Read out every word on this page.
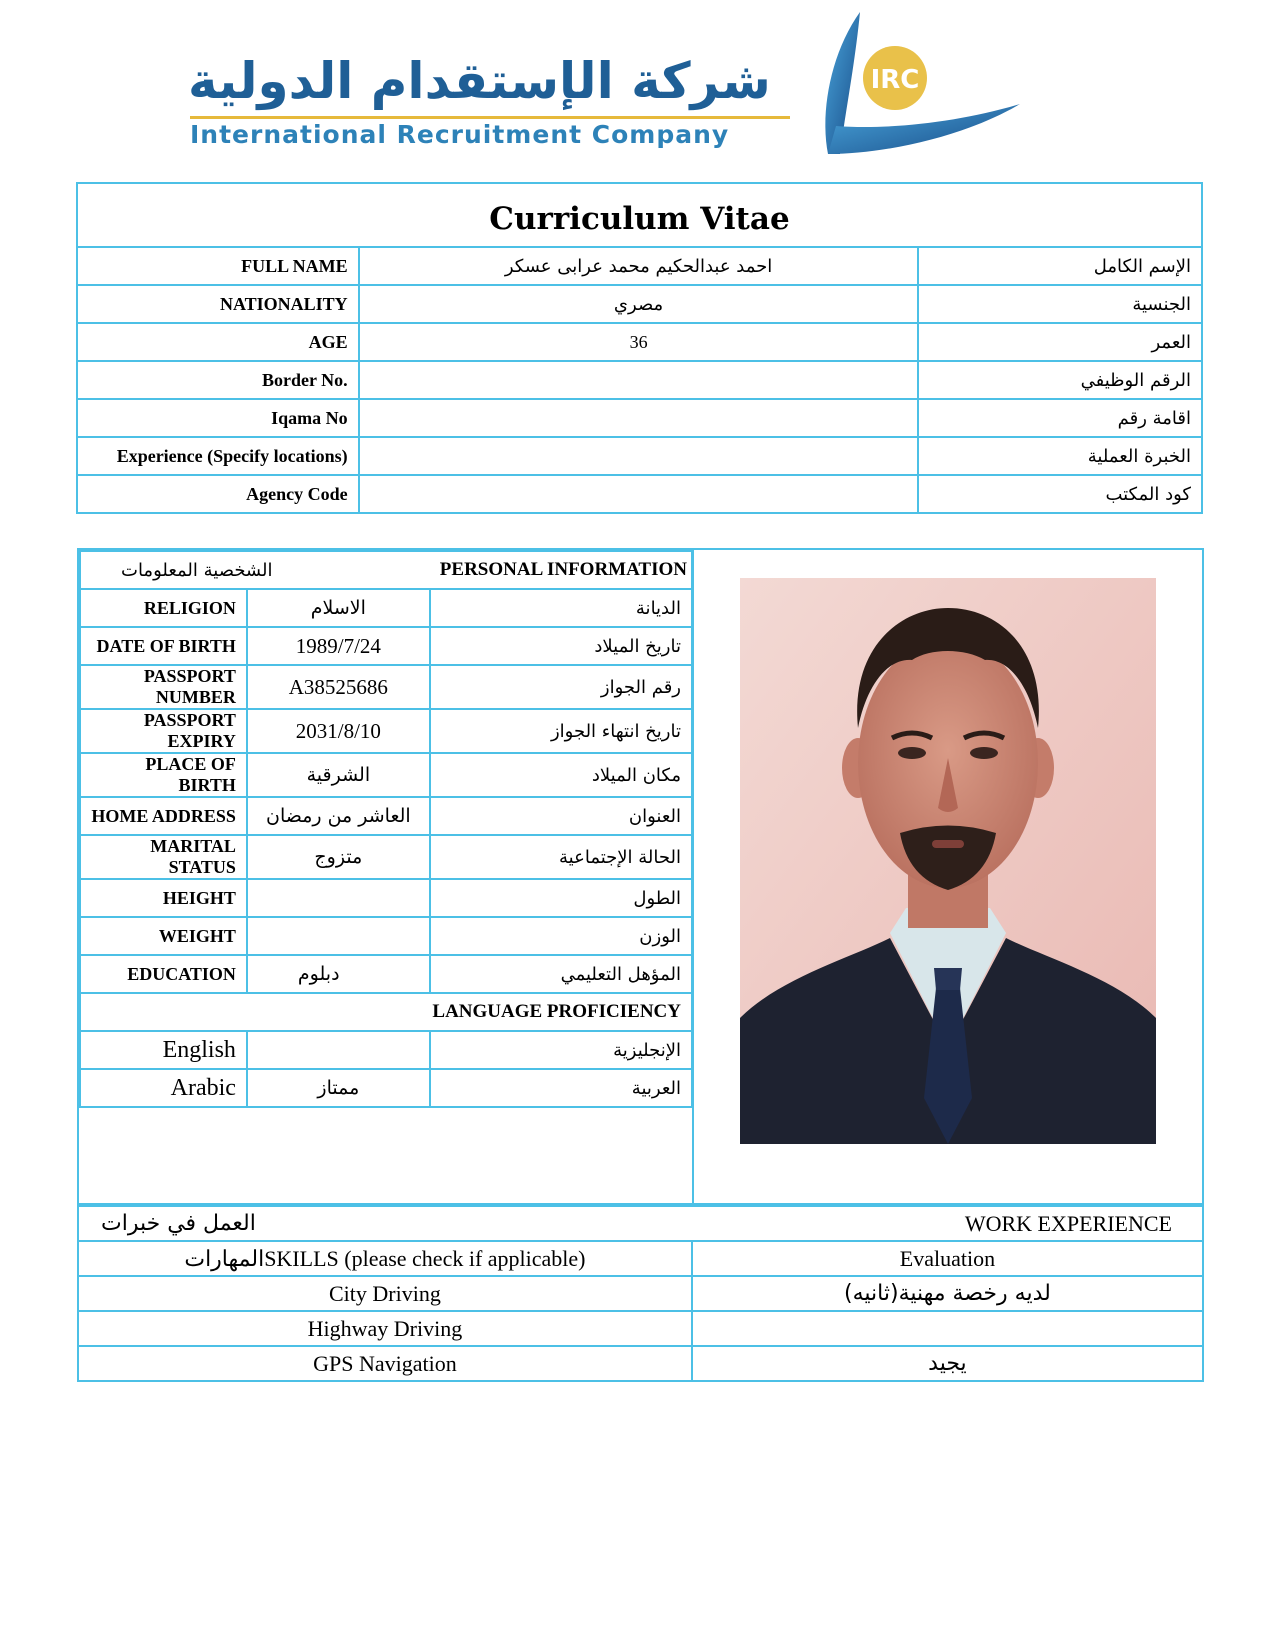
شركة الإستقدام الدولية
International Recruitment Company
IRC
Curriculum Vitae		
FULL NAME	احمد عبدالحكيم محمد عرابى عسكر	الإسم الكامل
NATIONALITY	مصري	الجنسية
AGE	36	العمر
Border No.		الرقم الوظيفي
Iqama No		اقامة رقم
Experience (Specify locations)		الخبرة العملية
Agency Code		كود المكتب
الشخصية المعلومات		PERSONAL INFORMATION
RELIGION	الاسلام	الديانة
DATE OF BIRTH	1989/7/24	تاريخ الميلاد
PASSPORT NUMBER	A38525686	رقم الجواز
PASSPORT EXPIRY	2031/8/10	تاريخ انتهاء الجواز
PLACE OF BIRTH	الشرقية	مكان الميلاد
HOME ADDRESS	العاشر من رمضان	العنوان
MARITAL STATUS	متزوج	الحالة الإجتماعية
HEIGHT		الطول
WEIGHT		الوزن
EDUCATION	دبلوم	المؤهل التعليمي
LANGUAGE PROFICIENCY		
English		الإنجليزية
Arabic	ممتاز	العربية
العمل في خبرات	WORK EXPERIENCE
المهاراتSKILLS (please check if applicable)	Evaluation
City Driving	لديه رخصة مهنية(ثانيه)
Highway Driving	
GPS Navigation	يجيد
